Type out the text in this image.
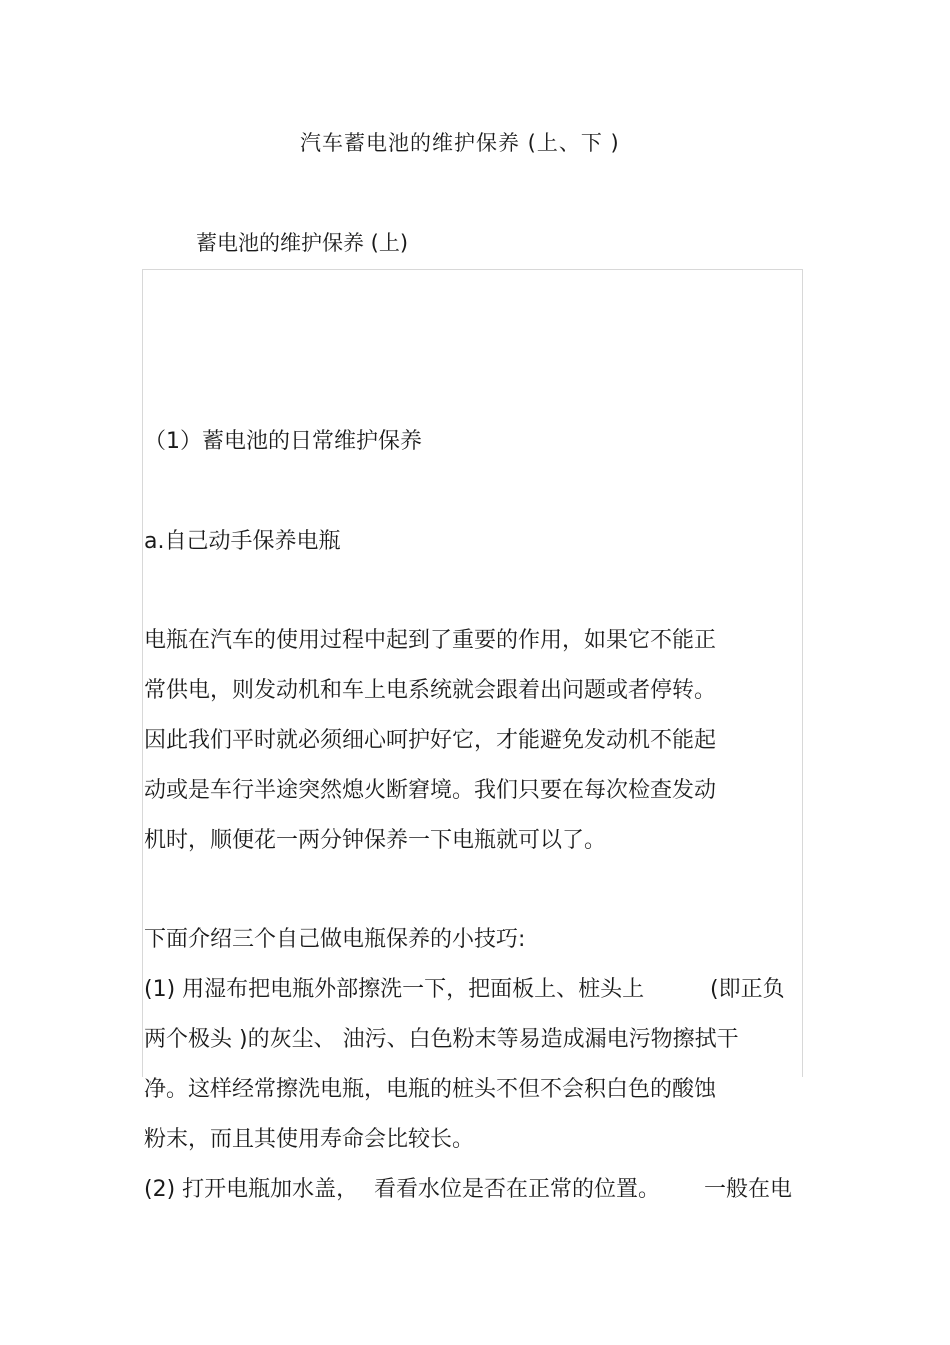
汽车蓄电池的维护保养 (上、下 )
蓄电池的维护保养 (上)
（1）蓄电池的日常维护保养
a.自己动手保养电瓶
电瓶在汽车的使用过程中起到了重要的作用，如果它不能正
常供电，则发动机和车上电系统就会跟着出问题或者停转。
因此我们平时就必须细心呵护好它，才能避免发动机不能起
动或是车行半途突然熄火断窘境。我们只要在每次检查发动
机时，顺便花一两分钟保养一下电瓶就可以了。
下面介绍三个自己做电瓶保养的小技巧:
(1) 用湿布把电瓶外部擦洗一下，把面板上、桩头上	(即正负
两个极头 )的灰尘、 油污、白色粉末等易造成漏电污物擦拭干
净。这样经常擦洗电瓶，电瓶的桩头不但不会积白色的酸蚀
粉末，而且其使用寿命会比较长。
(2) 打开电瓶加水盖， 看看水位是否在正常的位置。 一般在电
